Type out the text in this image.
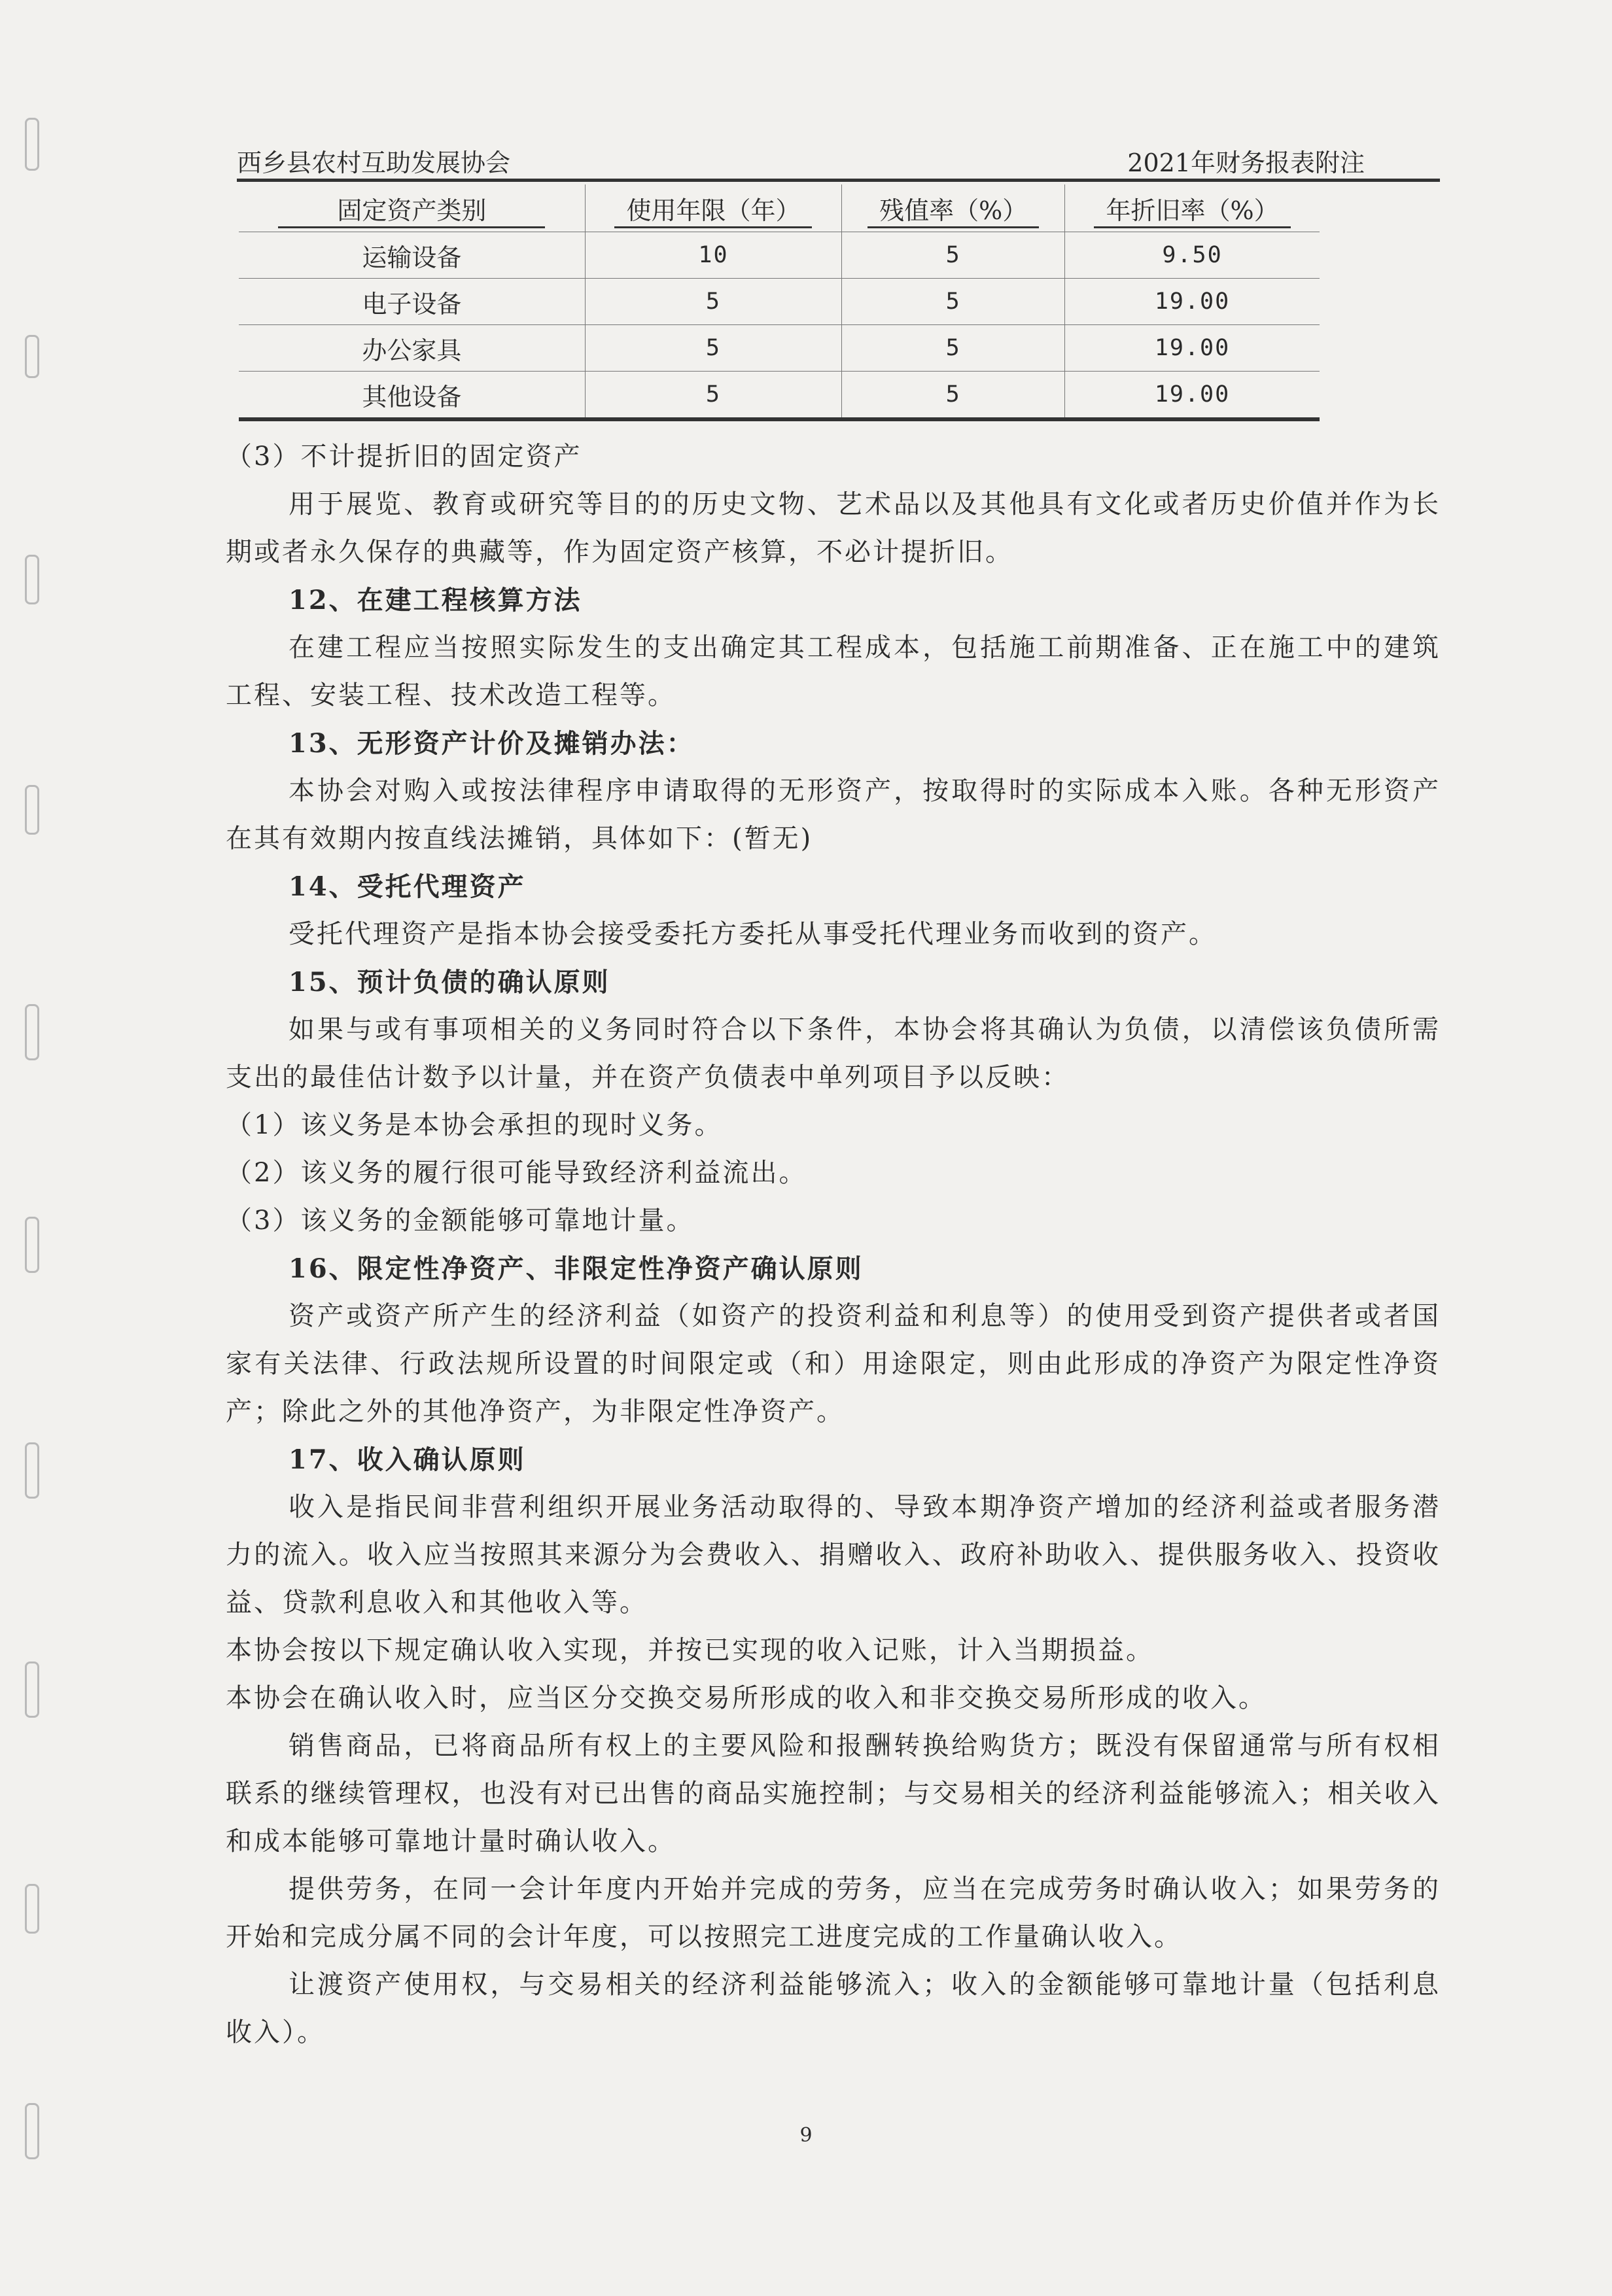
西乡县农村互助发展协会	2021年财务报表附注
固定资产类别	使用年限（年）	残值率（%）	年折旧率（%）
运输设备	10	5	9.50
电子设备	5	5	19.00
办公家具	5	5	19.00
其他设备	5	5	19.00

（3）不计提折旧的固定资产

用于展览、教育或研究等目的的历史文物、艺术品以及其他具有文化或者历史价值并作为长期或者永久保存的典藏等，作为固定资产核算，不必计提折旧。

12、在建工程核算方法

在建工程应当按照实际发生的支出确定其工程成本，包括施工前期准备、正在施工中的建筑工程、安装工程、技术改造工程等。

13、无形资产计价及摊销办法：

本协会对购入或按法律程序申请取得的无形资产，按取得时的实际成本入账。各种无形资产在其有效期内按直线法摊销，具体如下：(暂无)

14、受托代理资产

受托代理资产是指本协会接受委托方委托从事受托代理业务而收到的资产。

15、预计负债的确认原则

如果与或有事项相关的义务同时符合以下条件，本协会将其确认为负债，以清偿该负债所需支出的最佳估计数予以计量，并在资产负债表中单列项目予以反映：

（1）该义务是本协会承担的现时义务。

（2）该义务的履行很可能导致经济利益流出。

（3）该义务的金额能够可靠地计量。

16、限定性净资产、非限定性净资产确认原则

资产或资产所产生的经济利益（如资产的投资利益和利息等）的使用受到资产提供者或者国家有关法律、行政法规所设置的时间限定或（和）用途限定，则由此形成的净资产为限定性净资产；除此之外的其他净资产，为非限定性净资产。

17、收入确认原则

收入是指民间非营利组织开展业务活动取得的、导致本期净资产增加的经济利益或者服务潜力的流入。收入应当按照其来源分为会费收入、捐赠收入、政府补助收入、提供服务收入、投资收益、贷款利息收入和其他收入等。

本协会按以下规定确认收入实现，并按已实现的收入记账，计入当期损益。

本协会在确认收入时，应当区分交换交易所形成的收入和非交换交易所形成的收入。

销售商品，已将商品所有权上的主要风险和报酬转换给购货方；既没有保留通常与所有权相联系的继续管理权，也没有对已出售的商品实施控制；与交易相关的经济利益能够流入；相关收入和成本能够可靠地计量时确认收入。

提供劳务，在同一会计年度内开始并完成的劳务，应当在完成劳务时确认收入；如果劳务的开始和完成分属不同的会计年度，可以按照完工进度完成的工作量确认收入。

让渡资产使用权，与交易相关的经济利益能够流入；收入的金额能够可靠地计量（包括利息收入）。

9
